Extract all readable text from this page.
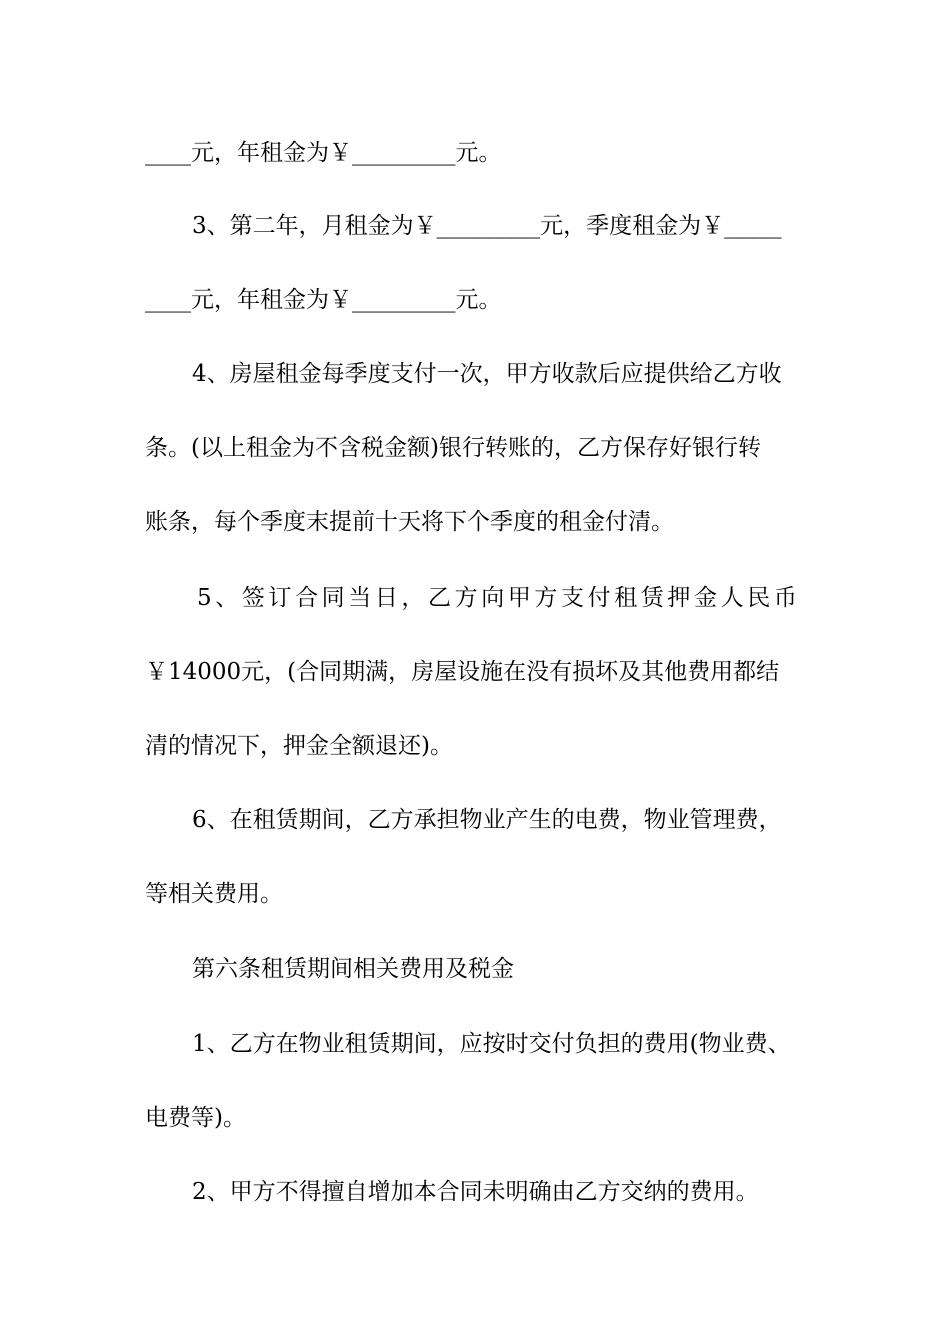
____元，年租金为￥_________元。
3、第二年，月租金为￥_________元，季度租金为￥_____
____元，年租金为￥_________元。
4、房屋租金每季度支付一次，甲方收款后应提供给乙方收
条。(以上租金为不含税金额)银行转账的，乙方保存好银行转
账条，每个季度末提前十天将下个季度的租金付清。
5、签订合同当日，乙方向甲方支付租赁押金人民币
￥14000元，(合同期满，房屋设施在没有损坏及其他费用都结
清的情况下，押金全额退还)。
6、在租赁期间，乙方承担物业产生的电费，物业管理费，
等相关费用。
第六条租赁期间相关费用及税金
1、乙方在物业租赁期间，应按时交付负担的费用(物业费、
电费等)。
2、甲方不得擅自增加本合同未明确由乙方交纳的费用。
